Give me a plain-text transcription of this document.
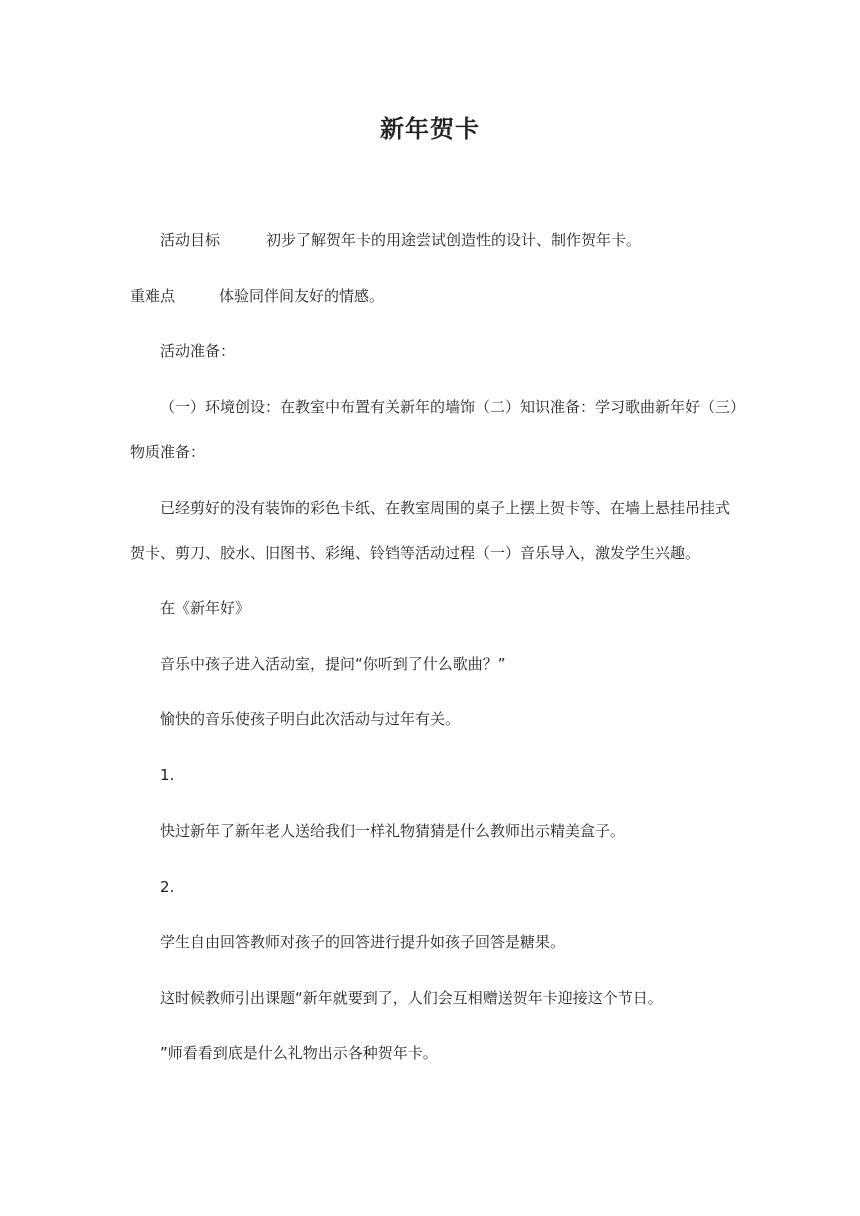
新年贺卡
活动目标	初步了解贺年卡的用途尝试创造性的设计、制作贺年卡。
重难点	体验同伴间友好的情感。
活动准备：
（一）环境创设：在教室中布置有关新年的墙饰（二）知识准备：学习歌曲新年好（三）
物质准备：
已经剪好的没有装饰的彩色卡纸、在教室周围的桌子上摆上贺卡等、在墙上悬挂吊挂式
贺卡、剪刀、胶水、旧图书、彩绳、铃铛等活动过程（一）音乐导入，激发学生兴趣。
在《新年好》
音乐中孩子进入活动室，提问“你听到了什么歌曲？”
愉快的音乐使孩子明白此次活动与过年有关。
1.
快过新年了新年老人送给我们一样礼物猜猜是什么教师出示精美盒子。
2.
学生自由回答教师对孩子的回答进行提升如孩子回答是糖果。
这时候教师引出课题“新年就要到了，人们会互相赠送贺年卡迎接这个节日。
”师看看到底是什么礼物出示各种贺年卡。
